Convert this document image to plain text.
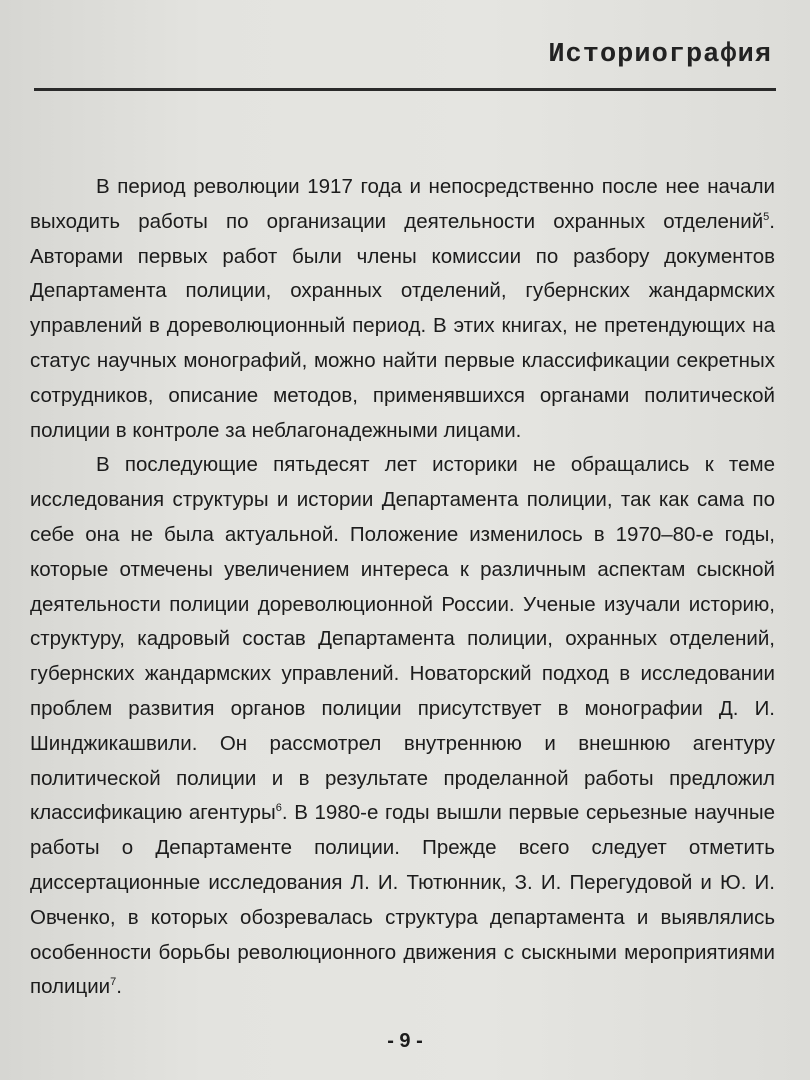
Историография

В период революции 1917 года и непосредственно после нее начали выходить работы по организации деятельности охранных отделений$^5$. Авторами первых работ были члены комиссии по разбору документов Департамента полиции, охранных отделений, губернских жандармских управлений в дореволюционный период. В этих книгах, не претендующих на статус научных монографий, можно найти первые классификации секретных сотрудников, описание методов, применявшихся органами политической полиции в контроле за неблагонадежными лицами.

В последующие пятьдесят лет историки не обращались к теме исследования структуры и истории Департамента полиции, так как сама по себе она не была актуальной. Положение изменилось в 1970–80-е годы, которые отмечены увеличением интереса к различным аспектам сыскной деятельности полиции дореволюционной России. Ученые изучали историю, структуру, кадровый состав Департамента полиции, охранных отделений, губернских жандармских управлений. Новаторский подход в исследовании проблем развития органов полиции присутствует в монографии Д. И. Шинджикашвили. Он рассмотрел внутреннюю и внешнюю агентуру политической полиции и в результате проделанной работы предложил классификацию агентуры$^6$. В 1980-е годы вышли первые серьезные научные работы о Департаменте полиции. Прежде всего следует отметить диссертационные исследования Л. И. Тютюнник, З. И. Перегудовой и Ю. И. Овченко, в которых обозревалась структура департамента и выявлялись особенности борьбы революционного движения с сыскными мероприятиями полиции$^7$.

- 9 -
